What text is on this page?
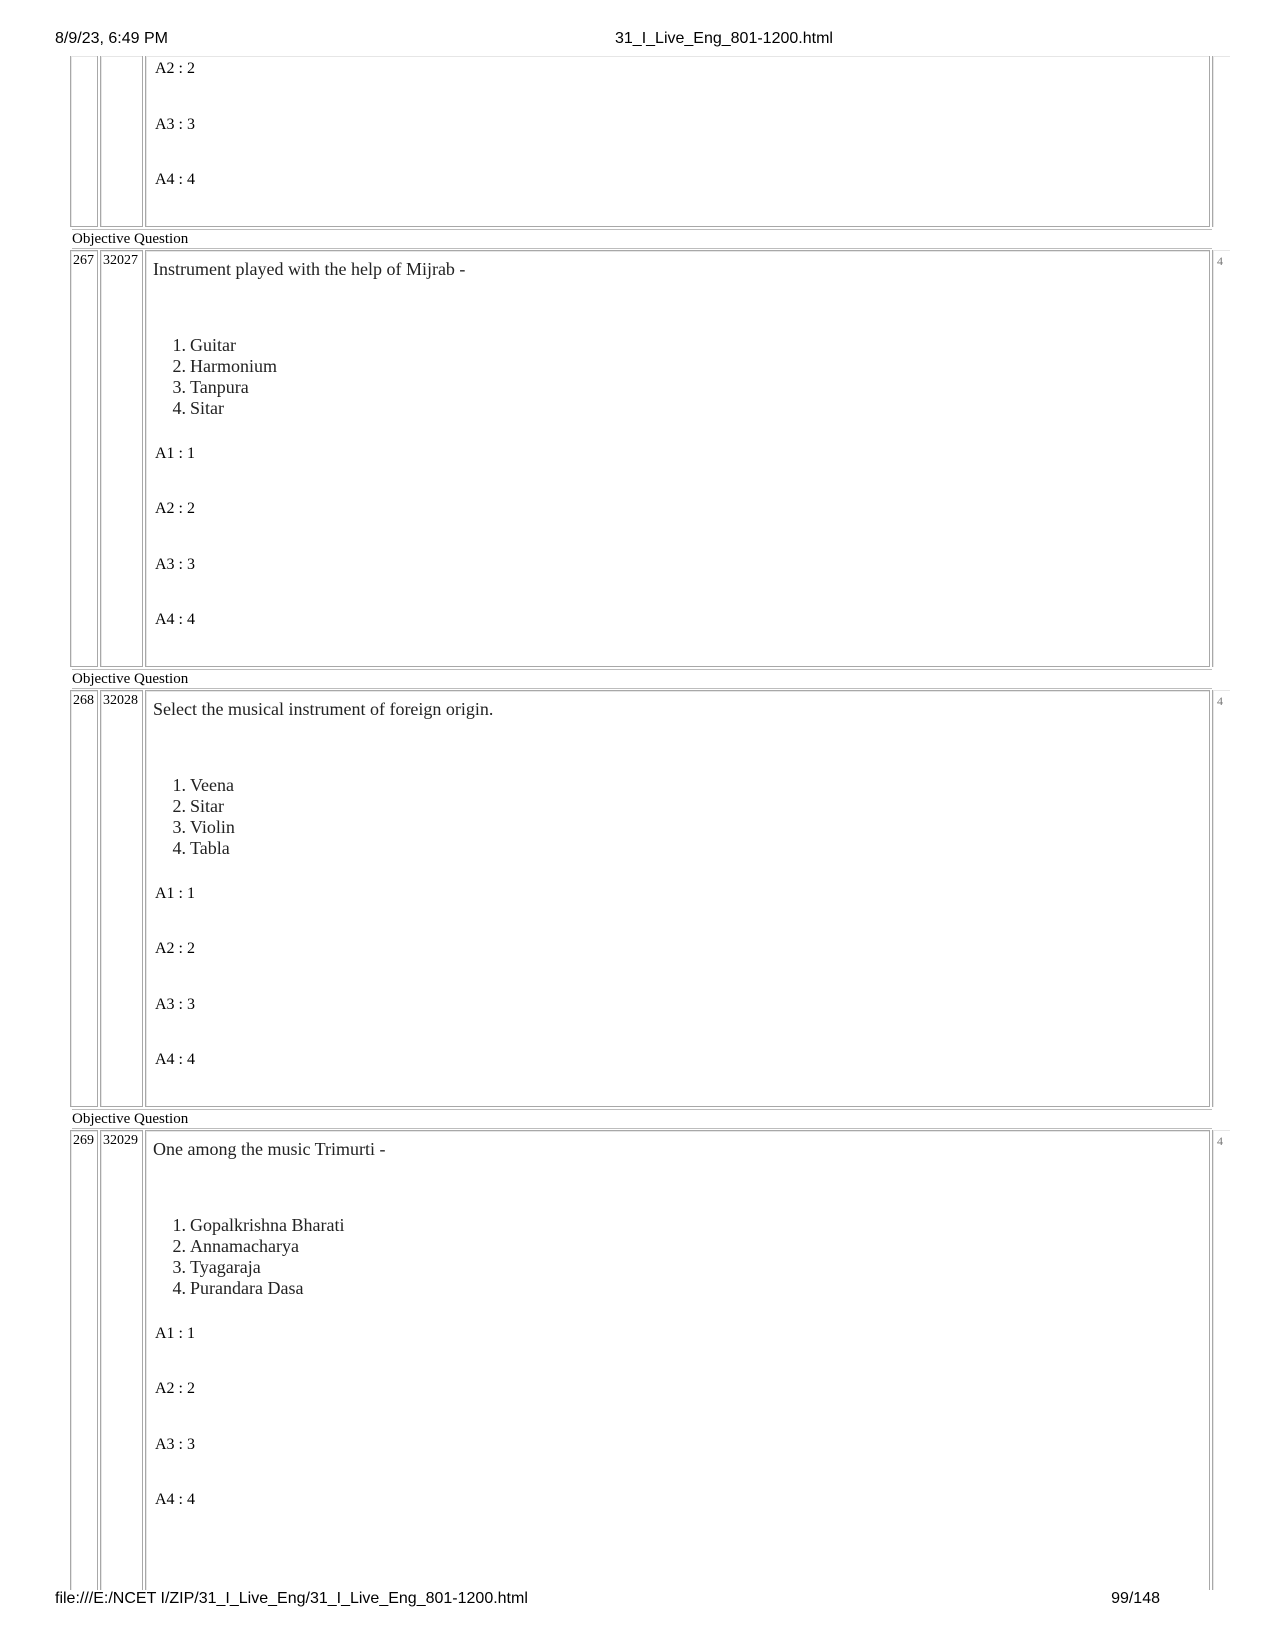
8/9/23, 6:49 PM	31_I_Live_Eng_801-1200.html
A2 : 2
A3 : 3
A4 : 4
Objective Question
267 32027 Instrument played with the help of Mijrab -
1. Guitar
2. Harmonium
3. Tanpura
4. Sitar
A1 : 1
A2 : 2
A3 : 3
A4 : 4
4
Objective Question
268 32028 Select the musical instrument of foreign origin.
1. Veena
2. Sitar
3. Violin
4. Tabla
A1 : 1
A2 : 2
A3 : 3
A4 : 4
4
Objective Question
269 32029 One among the music Trimurti -
1. Gopalkrishna Bharati
2. Annamacharya
3. Tyagaraja
4. Purandara Dasa
A1 : 1
A2 : 2
A3 : 3
A4 : 4
4
file:///E:/NCET I/ZIP/31_I_Live_Eng/31_I_Live_Eng_801-1200.html	99/148
